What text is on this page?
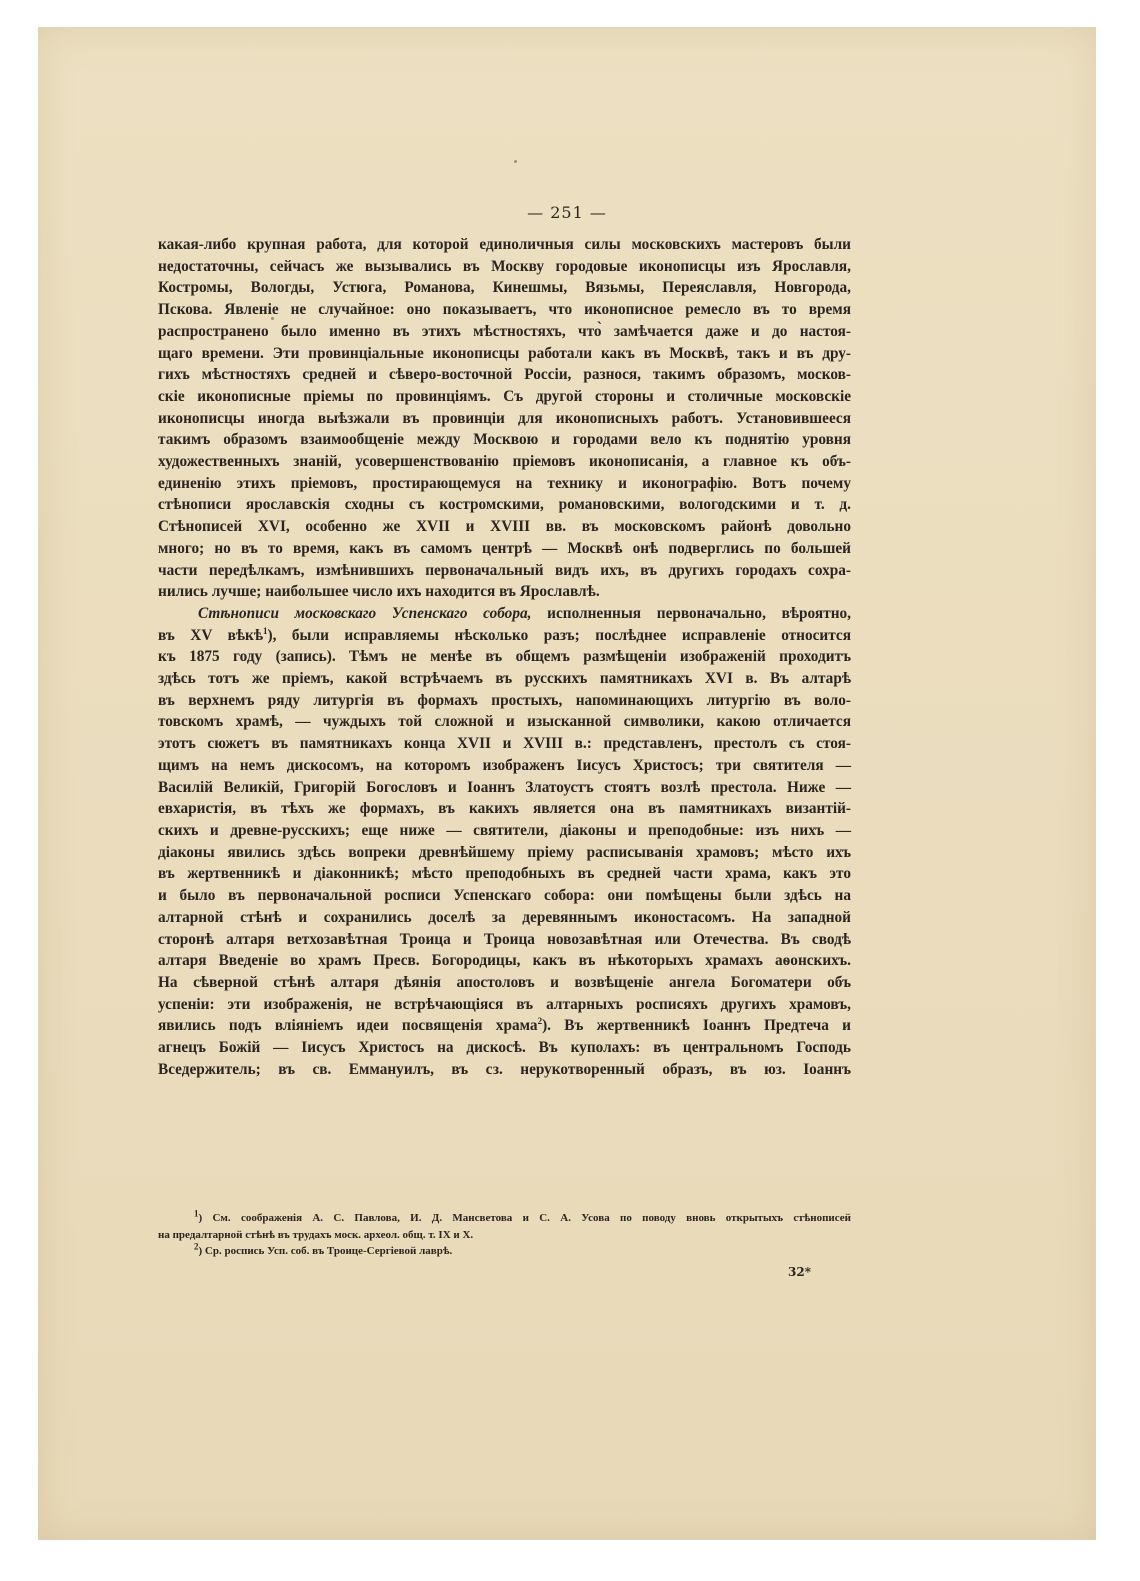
— 251 —
какая-либо крупная работа, для которой единоличныя силы московскихъ мастеровъ были
недостаточны, сейчасъ же вызывались въ Москву городовые иконописцы изъ Ярославля,
Костромы, Вологды, Устюга, Романова, Кинешмы, Вязьмы, Переяславля, Новгорода,
Пскова. Явленіе не случайное: оно показываетъ, что иконописное ремесло въ то время
распространено было именно въ этихъ мѣстностяхъ, что̀ замѣчается даже и до настоя-
щаго времени. Эти провинціальные иконописцы работали какъ въ Москвѣ, такъ и въ дру-
гихъ мѣстностяхъ средней и сѣверо-восточной Россіи, разнося, такимъ образомъ, москов-
скіе иконописные пріемы по провинціямъ. Съ другой стороны и столичные московскіе
иконописцы иногда выѣзжали въ провинціи для иконописныхъ работъ. Установившееся
такимъ образомъ взаимообщеніе между Москвою и городами вело къ поднятію уровня
художественныхъ знаній, усовершенствованію пріемовъ иконописанія, а главное къ объ-
единенію этихъ пріемовъ, простирающемуся на технику и иконографію. Вотъ почему
стѣнописи ярославскія сходны съ костромскими, романовскими, вологодскими и т. д.
Стѣнописей XVI, особенно же XVII и XVIII вв. въ московскомъ районѣ довольно
много; но въ то время, какъ въ самомъ центрѣ — Москвѣ онѣ подверглись по большей
части передѣлкамъ, измѣнившихъ первоначальный видъ ихъ, въ другихъ городахъ сохра-
нились лучше; наибольшее число ихъ находится въ Ярославлѣ.
Стѣнописи московскаго Успенскаго собора, исполненныя первоначально, вѣроятно,
въ XV вѣкѣ$^1$), были исправляемы нѣсколько разъ; послѣднее исправленіе относится
къ 1875 году (запись). Тѣмъ не менѣе въ общемъ размѣщеніи изображеній проходитъ
здѣсь тотъ же пріемъ, какой встрѣчаемъ въ русскихъ памятникахъ XVI в. Въ алтарѣ
въ верхнемъ ряду литургія въ формахъ простыхъ, напоминающихъ литургію въ воло-
товскомъ храмѣ, — чуждыхъ той сложной и изысканной символики, какою отличается
этотъ сюжетъ въ памятникахъ конца XVII и XVIII в.: представленъ, престолъ съ стоя-
щимъ на немъ дискосомъ, на которомъ изображенъ Іисусъ Христосъ; три святителя —
Василій Великій, Григорій Богословъ и Іоаннъ Златоустъ стоятъ возлѣ престола. Ниже —
евхаристія, въ тѣхъ же формахъ, въ какихъ является она въ памятникахъ византій-
скихъ и древне-русскихъ; еще ниже — святители, діаконы и преподобные: изъ нихъ —
діаконы явились здѣсь вопреки древнѣйшему пріему расписыванія храмовъ; мѣсто ихъ
въ жертвенникѣ и діаконникѣ; мѣсто преподобныхъ въ средней части храма, какъ это
и было въ первоначальной росписи Успенскаго собора: они помѣщены были здѣсь на
алтарной стѣнѣ и сохранились доселѣ за деревяннымъ иконостасомъ. На западной
сторонѣ алтаря ветхозавѣтная Троица и Троица новозавѣтная или Отечества. Въ сводѣ
алтаря Введеніе во храмъ Пресв. Богородицы, какъ въ нѣкоторыхъ храмахъ аѳонскихъ.
На сѣверной стѣнѣ алтаря дѣянія апостоловъ и возвѣщеніе ангела Богоматери объ
успеніи: эти изображенія, не встрѣчающіяся въ алтарныхъ росписяхъ другихъ храмовъ,
явились подъ вліяніемъ идеи посвященія храма$^2$). Въ жертвенникѣ Іоаннъ Предтеча и
агнецъ Божій — Іисусъ Христосъ на дискосѣ. Въ куполахъ: въ центральномъ Господь
Вседержитель; въ св. Еммануилъ, въ сз. нерукотворенный образъ, въ юз. Іоаннъ
$^1$) См. соображенія А. С. Павлова, И. Д. Мансветова и С. А. Усова по поводу вновь открытыхъ стѣнописей
на предалтарной стѣнѣ въ трудахъ моск. археол. общ. т. IX и X.
$^2$) Ср. роспись Усп. соб. въ Троице-Сергіевой лаврѣ.
32*
